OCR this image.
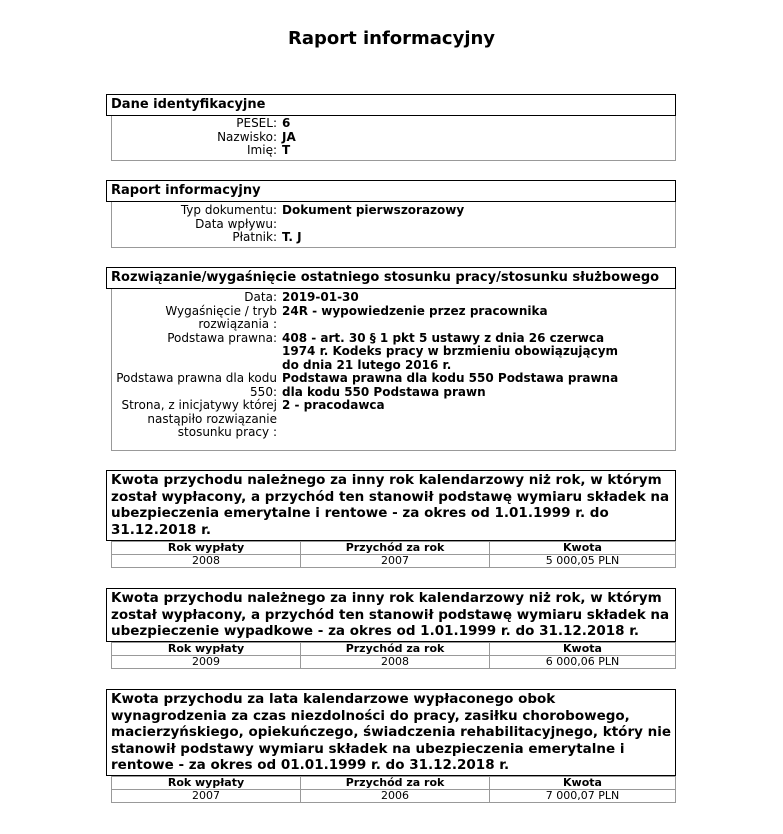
Raport informacyjny
Dane identyfikacyjne
PESEL: 6
Nazwisko: JA
Imię: T
Raport informacyjny
Typ dokumentu: Dokument pierwszorazowy
Data wpływu:
Płatnik: T. J
Rozwiązanie/wygaśnięcie ostatniego stosunku pracy/stosunku służbowego
Data: 2019-01-30
Wygaśnięcie / tryb rozwiązania :
24R - wypowiedzenie przez pracownika
Podstawa prawna: 408 - art. 30 § 1 pkt 5 ustawy z dnia 26 czerwca 1974 r. Kodeks pracy w brzmieniu obowiązującym do dnia 21 lutego 2016 r.
Podstawa prawna dla kodu 550:
Podstawa prawna dla kodu 550 Podstawa prawna dla kodu 550 Podstawa prawn
Strona, z inicjatywy której nastąpiło rozwiązanie stosunku pracy :
2 - pracodawca
Kwota przychodu należnego za inny rok kalendarzowy niż rok, w którym został wypłacony, a przychód ten stanowił podstawę wymiaru składek na ubezpieczenia emerytalne i rentowe - za okres od 1.01.1999 r. do 31.12.2018 r.
Rok wypłaty	Przychód za rok	Kwota
2008	2007	5 000,05 PLN
Kwota przychodu należnego za inny rok kalendarzowy niż rok, w którym został wypłacony, a przychód ten stanowił podstawę wymiaru składek na ubezpieczenie wypadkowe - za okres od 1.01.1999 r. do 31.12.2018 r.
Rok wypłaty	Przychód za rok	Kwota
2009	2008	6 000,06 PLN
Kwota przychodu za lata kalendarzowe wypłaconego obok wynagrodzenia za czas niezdolności do pracy, zasiłku chorobowego, macierzyńskiego, opiekuńczego, świadczenia rehabilitacyjnego, który nie stanowił podstawy wymiaru składek na ubezpieczenia emerytalne i rentowe - za okres od 01.01.1999 r. do 31.12.2018 r.
Rok wypłaty	Przychód za rok	Kwota
2007	2006	7 000,07 PLN
